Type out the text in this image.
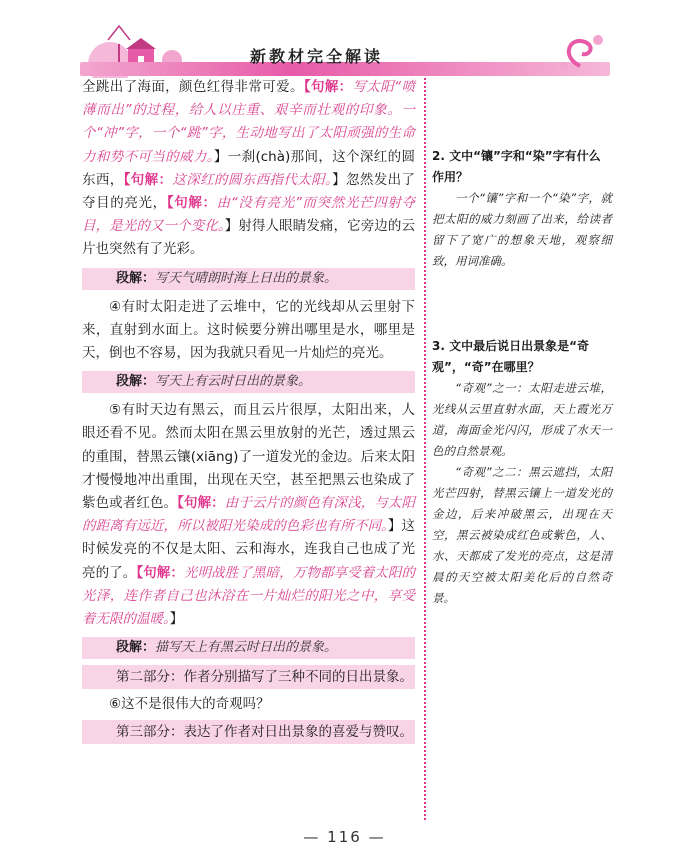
新教材完全解读

全跳出了海面，颜色红得非常可爱。【句解：写太阳“喷薄而出”的过程，给人以庄重、艰辛而壮观的印象。一个“冲”字，一个“跳”字，生动地写出了太阳顽强的生命力和势不可当的威力。】一刹(chà)那间，这个深红的圆东西，【句解：这深红的圆东西指代太阳。】忽然发出了夺目的亮光，【句解：由“没有亮光”而突然光芒四射夺目，是光的又一个变化。】射得人眼睛发痛，它旁边的云片也突然有了光彩。

段解：写天气晴朗时海上日出的景象。

④有时太阳走进了云堆中，它的光线却从云里射下来，直射到水面上。这时候要分辨出哪里是水，哪里是天，倒也不容易，因为我就只看见一片灿烂的亮光。

段解：写天上有云时日出的景象。

⑤有时天边有黑云，而且云片很厚，太阳出来，人眼还看不见。然而太阳在黑云里放射的光芒，透过黑云的重围，替黑云镶(xiāng)了一道发光的金边。后来太阳才慢慢地冲出重围，出现在天空，甚至把黑云也染成了紫色或者红色。【句解：由于云片的颜色有深浅，与太阳的距离有远近，所以被阳光染成的色彩也有所不同。】这时候发亮的不仅是太阳、云和海水，连我自己也成了光亮的了。【句解：光明战胜了黑暗，万物都享受着太阳的光泽，连作者自己也沐浴在一片灿烂的阳光之中，享受着无限的温暖。】

段解：描写天上有黑云时日出的景象。
第二部分：作者分别描写了三种不同的日出景象。

⑥这不是很伟大的奇观吗？

第三部分：表达了作者对日出景象的喜爱与赞叹。
2. 文中“镶”字和“染”字有什么作用？
一个“镶”字和一个“染”字，就把太阳的威力刻画了出来，给读者留下了宽广的想象天地，观察细致，用词准确。
3. 文中最后说日出景象是“奇观”，“奇”在哪里？
“奇观”之一：太阳走进云堆，光线从云里直射水面，天上霞光万道，海面金光闪闪，形成了水天一色的自然景观。
“奇观”之二：黑云遮挡，太阳光芒四射，替黑云镶上一道发光的金边，后来冲破黑云，出现在天空，黑云被染成红色或紫色，人、水、天都成了发光的亮点，这是清晨的天空被太阳美化后的自然奇景。
— 116 —
